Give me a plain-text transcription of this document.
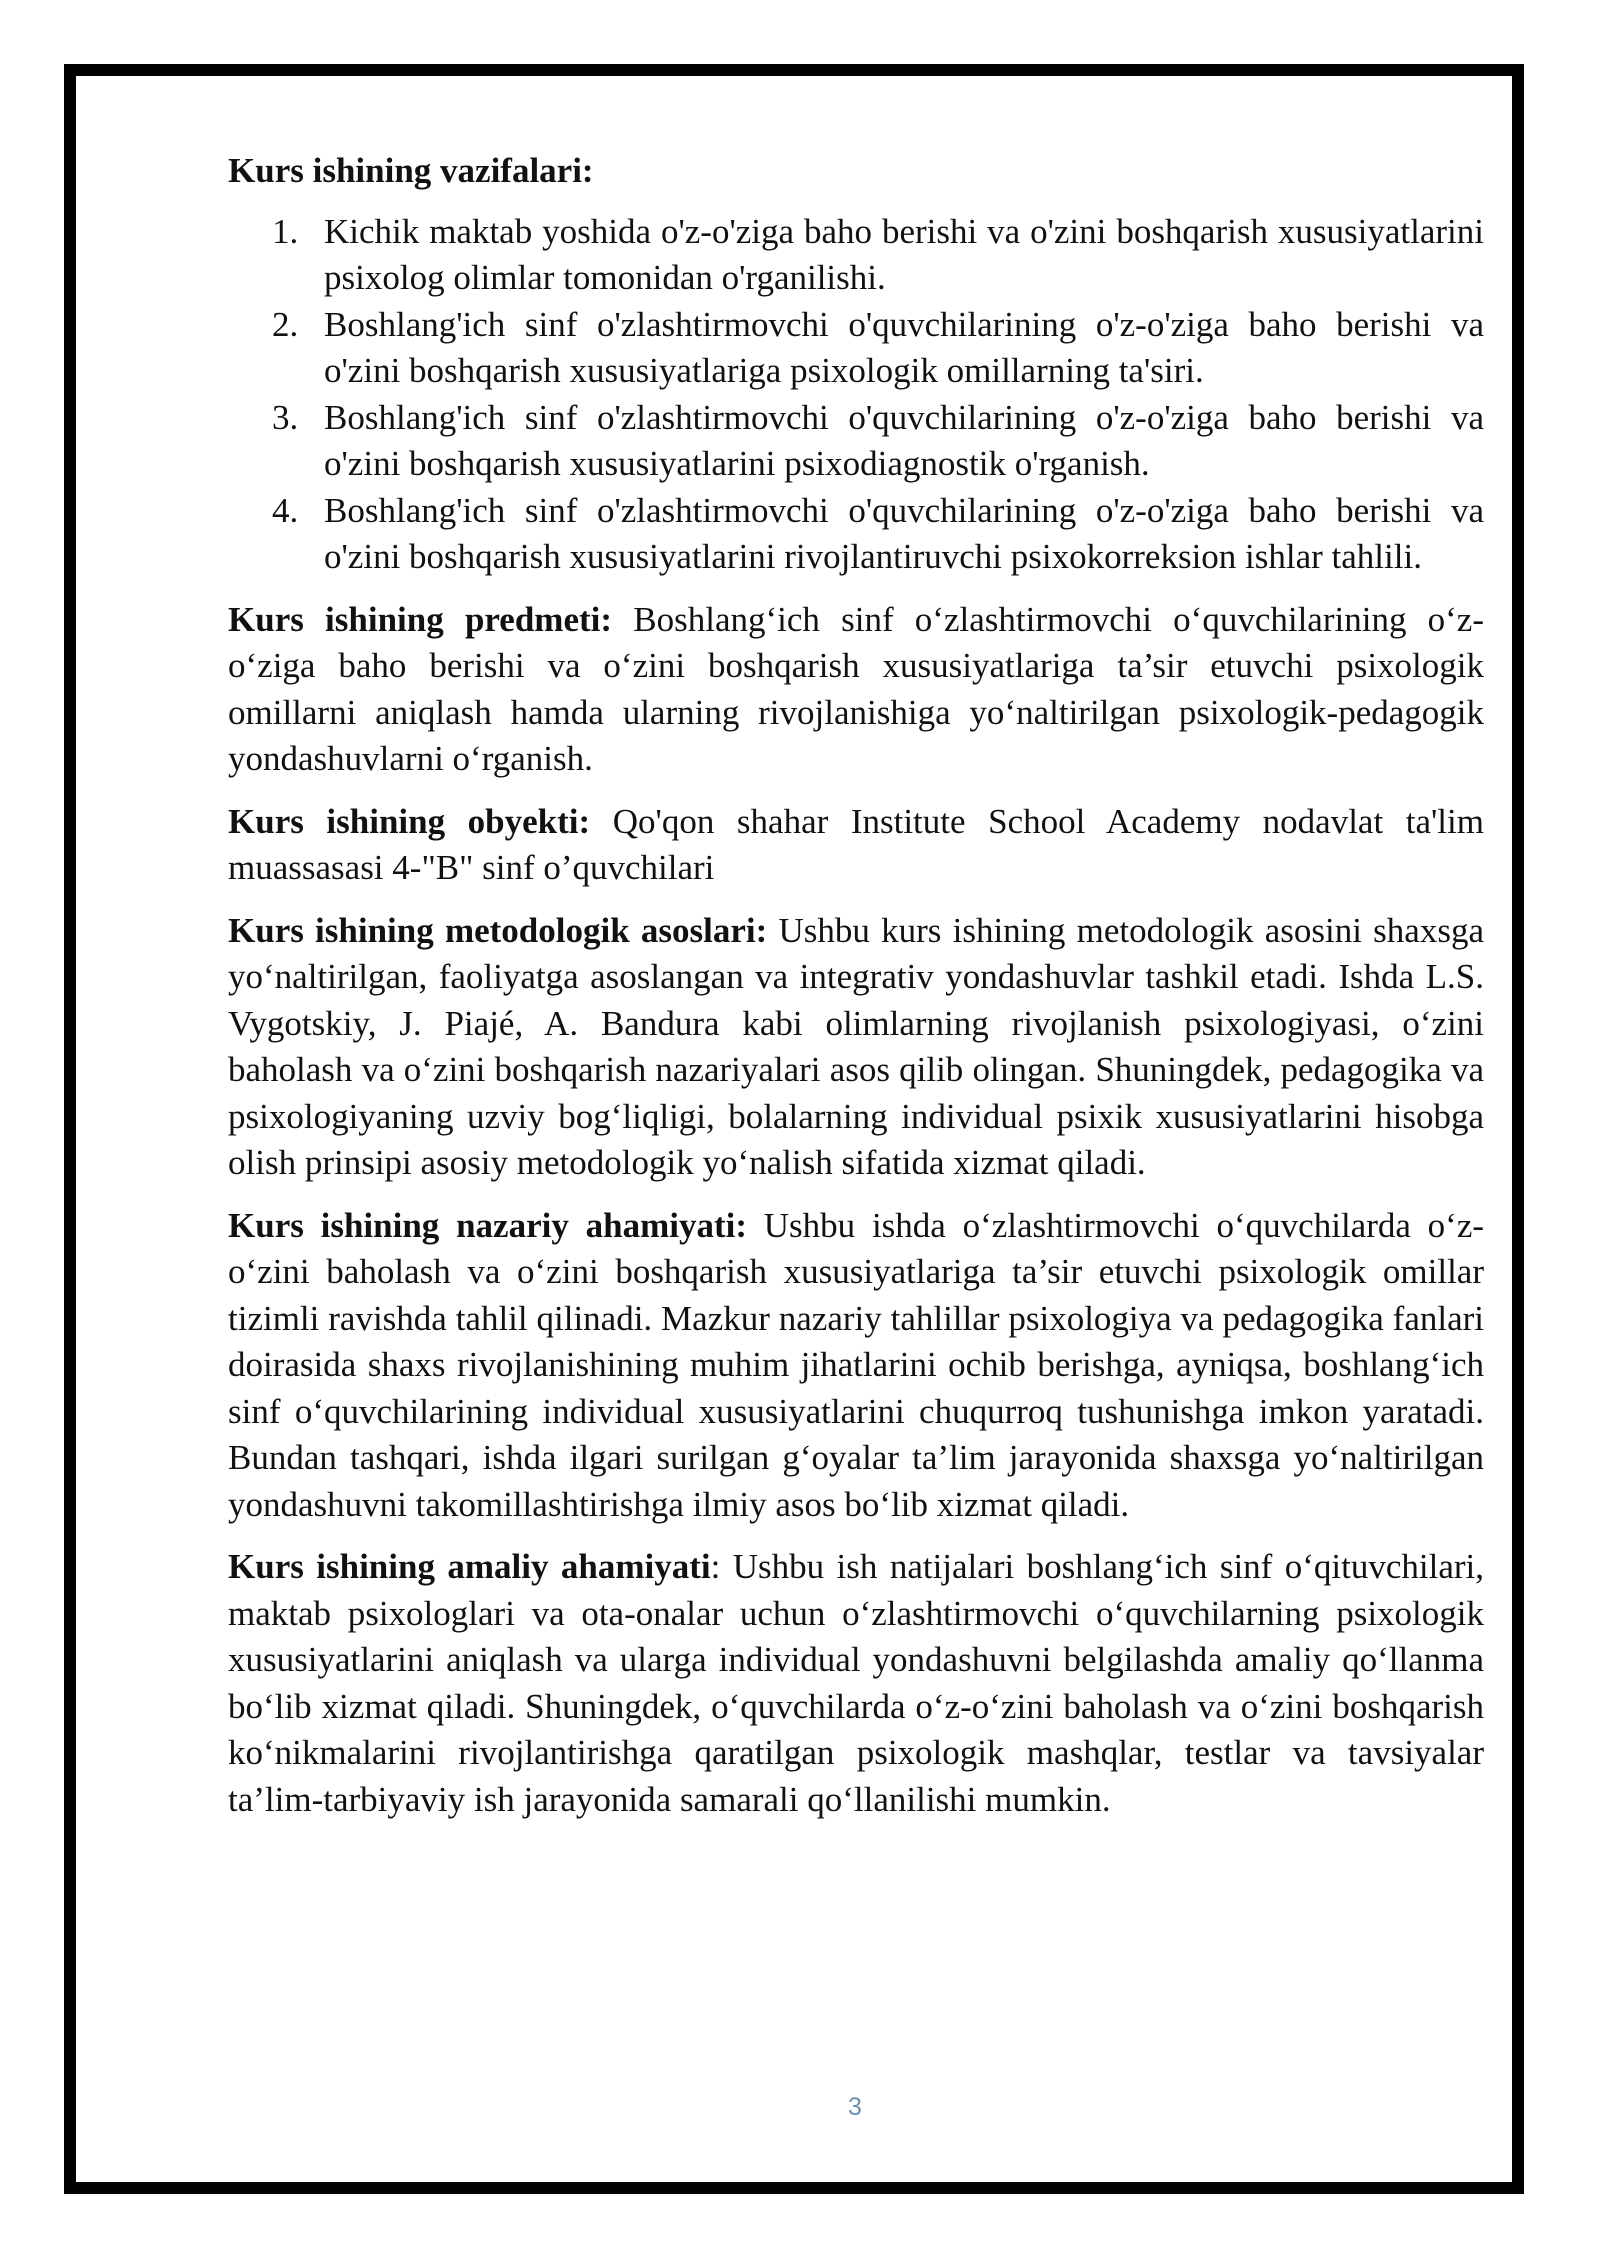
Kurs ishining vazifalari:
1. Kichik maktab yoshida o'z-o'ziga baho berishi va o'zini boshqarish xususiyatlarini psixolog olimlar tomonidan o'rganilishi.
2. Boshlang'ich sinf o'zlashtirmovchi o'quvchilarining o'z-o'ziga baho berishi va o'zini boshqarish xususiyatlariga psixologik omillarning ta'siri.
3. Boshlang'ich sinf o'zlashtirmovchi o'quvchilarining o'z-o'ziga baho berishi va o'zini boshqarish xususiyatlarini psixodiagnostik o'rganish.
4. Boshlang'ich sinf o'zlashtirmovchi o'quvchilarining o'z-o'ziga baho berishi va o'zini boshqarish xususiyatlarini rivojlantiruvchi psixokorreksion ishlar tahlili.

Kurs ishining predmeti: Boshlang‘ich sinf o‘zlashtirmovchi o‘quvchilarining o‘z-o‘ziga baho berishi va o‘zini boshqarish xususiyatlariga ta’sir etuvchi psixologik omillarni aniqlash hamda ularning rivojlanishiga yo‘naltirilgan psixologik-pedagogik yondashuvlarni o‘rganish.

Kurs ishining obyekti: Qo'qon shahar Institute School Academy nodavlat ta'lim muassasasi 4-"B" sinf o’quvchilari

Kurs ishining metodologik asoslari: Ushbu kurs ishining metodologik asosini shaxsga yo‘naltirilgan, faoliyatga asoslangan va integrativ yondashuvlar tashkil etadi. Ishda L.S. Vygotskiy, J. Piajé, A. Bandura kabi olimlarning rivojlanish psixologiyasi, o‘zini baholash va o‘zini boshqarish nazariyalari asos qilib olingan. Shuningdek, pedagogika va psixologiyaning uzviy bog‘liqligi, bolalarning individual psixik xususiyatlarini hisobga olish prinsipi asosiy metodologik yo‘nalish sifatida xizmat qiladi.

Kurs ishining nazariy ahamiyati: Ushbu ishda o‘zlashtirmovchi o‘quvchilarda o‘z-o‘zini baholash va o‘zini boshqarish xususiyatlariga ta’sir etuvchi psixologik omillar tizimli ravishda tahlil qilinadi. Mazkur nazariy tahlillar psixologiya va pedagogika fanlari doirasida shaxs rivojlanishining muhim jihatlarini ochib berishga, ayniqsa, boshlang‘ich sinf o‘quvchilarining individual xususiyatlarini chuqurroq tushunishga imkon yaratadi. Bundan tashqari, ishda ilgari surilgan g‘oyalar ta’lim jarayonida shaxsga yo‘naltirilgan yondashuvni takomillashtirishga ilmiy asos bo‘lib xizmat qiladi.

Kurs ishining amaliy ahamiyati: Ushbu ish natijalari boshlang‘ich sinf o‘qituvchilari, maktab psixologlari va ota-onalar uchun o‘zlashtirmovchi o‘quvchilarning psixologik xususiyatlarini aniqlash va ularga individual yondashuvni belgilashda amaliy qo‘llanma bo‘lib xizmat qiladi. Shuningdek, o‘quvchilarda o‘z-o‘zini baholash va o‘zini boshqarish ko‘nikmalarini rivojlantirishga qaratilgan psixologik mashqlar, testlar va tavsiyalar ta’lim-tarbiyaviy ish jarayonida samarali qo‘llanilishi mumkin.

3
